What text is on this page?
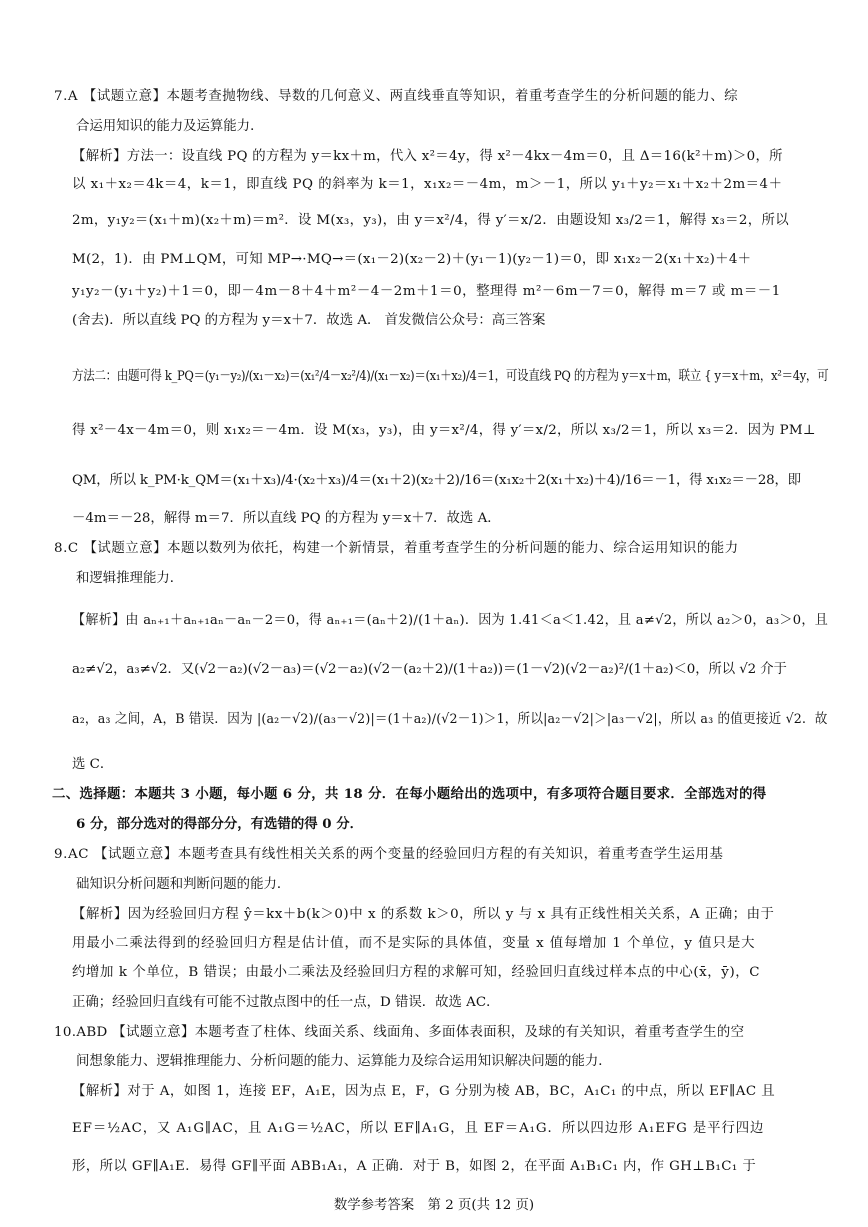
7.A 【试题立意】本题考查抛物线、导数的几何意义、两直线垂直等知识，着重考查学生的分析问题的能力、综

合运用知识的能力及运算能力．

【解析】方法一：设直线 PQ 的方程为 y＝kx＋m，代入 x²＝4y，得 x²－4kx－4m＝0，且 Δ＝16(k²＋m)＞0，所

以 x₁＋x₂＝4k＝4，k＝1，即直线 PQ 的斜率为 k＝1，x₁x₂＝－4m，m＞－1，所以 y₁＋y₂＝x₁＋x₂＋2m＝4＋

2m，y₁y₂＝(x₁＋m)(x₂＋m)＝m²．设 M(x₃，y₃)，由 y＝x²/4，得 y′＝x/2．由题设知 x₃/2＝1，解得 x₃＝2，所以

M(2，1)．由 PM⊥QM，可知 MP→·MQ→＝(x₁－2)(x₂－2)＋(y₁－1)(y₂－1)＝0，即 x₁x₂－2(x₁＋x₂)＋4＋

y₁y₂－(y₁＋y₂)＋1＝0，即－4m－8＋4＋m²－4－2m＋1＝0，整理得 m²－6m－7＝0，解得 m＝7 或 m＝－1

(舍去)．所以直线 PQ 的方程为 y＝x＋7．故选 A． 首发微信公众号：高三答案

方法二：由题可得 k_PQ＝(y₁－y₂)/(x₁－x₂)＝(x₁²/4－x₂²/4)/(x₁－x₂)＝(x₁＋x₂)/4＝1，可设直线 PQ 的方程为 y＝x＋m，联立 { y＝x＋m，x²＝4y，可

得 x²－4x－4m＝0，则 x₁x₂＝－4m．设 M(x₃，y₃)，由 y＝x²/4，得 y′＝x/2，所以 x₃/2＝1，所以 x₃＝2．因为 PM⊥

QM，所以 k_PM·k_QM＝(x₁＋x₃)/4·(x₂＋x₃)/4＝(x₁＋2)(x₂＋2)/16＝(x₁x₂＋2(x₁＋x₂)＋4)/16＝－1，得 x₁x₂＝－28，即

－4m＝－28，解得 m＝7．所以直线 PQ 的方程为 y＝x＋7．故选 A．

8.C 【试题立意】本题以数列为依托，构建一个新情景，着重考查学生的分析问题的能力、综合运用知识的能力

和逻辑推理能力．

【解析】由 aₙ₊₁＋aₙ₊₁aₙ－aₙ－2＝0，得 aₙ₊₁＝(aₙ＋2)/(1＋aₙ)．因为 1.41＜a＜1.42，且 a≠√2，所以 a₂＞0，a₃＞0，且

a₂≠√2，a₃≠√2．又(√2－a₂)(√2－a₃)＝(√2－a₂)(√2－(a₂＋2)/(1＋a₂))＝(1－√2)(√2－a₂)²/(1＋a₂)＜0，所以 √2 介于

a₂，a₃ 之间，A，B 错误．因为 |(a₂－√2)/(a₃－√2)|＝(1＋a₂)/(√2－1)＞1，所以|a₂－√2|＞|a₃－√2|，所以 a₃ 的值更接近 √2．故

选 C．

二、选择题：本题共 3 小题，每小题 6 分，共 18 分．在每小题给出的选项中，有多项符合题目要求．全部选对的得

6 分，部分选对的得部分分，有选错的得 0 分．

9.AC 【试题立意】本题考查具有线性相关关系的两个变量的经验回归方程的有关知识，着重考查学生运用基

础知识分析问题和判断问题的能力．

【解析】因为经验回归方程 ŷ＝kx＋b(k＞0)中 x 的系数 k＞0，所以 y 与 x 具有正线性相关关系，A 正确；由于

用最小二乘法得到的经验回归方程是估计值，而不是实际的具体值，变量 x 值每增加 1 个单位，y 值只是大

约增加 k 个单位，B 错误；由最小二乘法及经验回归方程的求解可知，经验回归直线过样本点的中心(x̄，ȳ)，C

正确；经验回归直线有可能不过散点图中的任一点，D 错误．故选 AC．

10.ABD 【试题立意】本题考查了柱体、线面关系、线面角、多面体表面积，及球的有关知识，着重考查学生的空

间想象能力、逻辑推理能力、分析问题的能力、运算能力及综合运用知识解决问题的能力．

【解析】对于 A，如图 1，连接 EF，A₁E，因为点 E，F，G 分别为棱 AB，BC，A₁C₁ 的中点，所以 EF∥AC 且

EF＝½AC，又 A₁G∥AC，且 A₁G＝½AC，所以 EF∥A₁G，且 EF＝A₁G．所以四边形 A₁EFG 是平行四边

形，所以 GF∥A₁E．易得 GF∥平面 ABB₁A₁，A 正确．对于 B，如图 2，在平面 A₁B₁C₁ 内，作 GH⊥B₁C₁ 于

数学参考答案　第 2 页(共 12 页)
